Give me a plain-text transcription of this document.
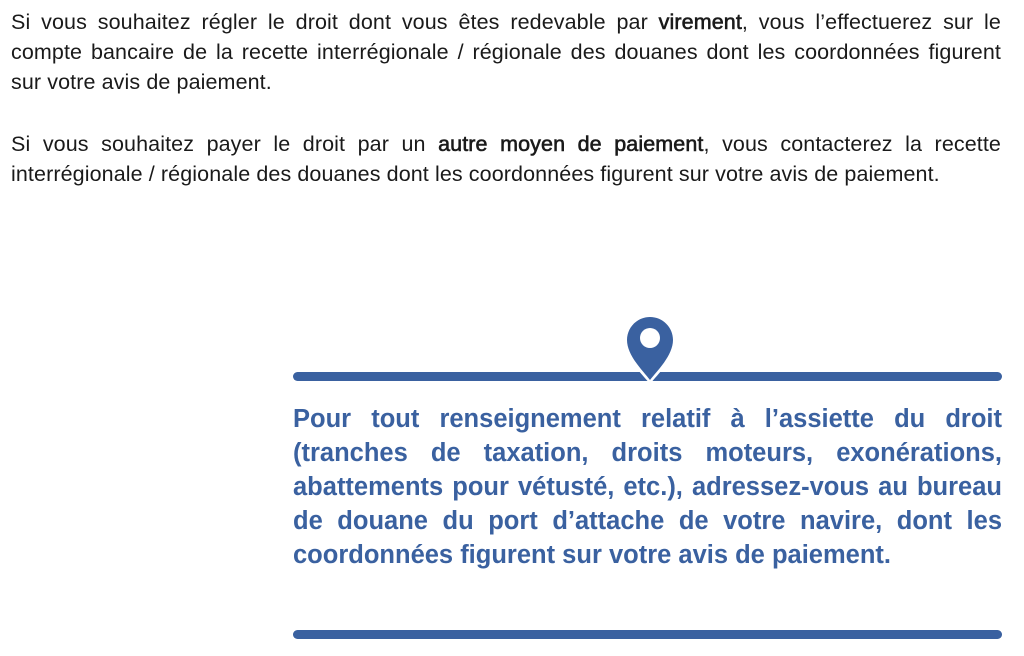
Si vous souhaitez régler le droit dont vous êtes redevable par virement, vous l’effectuerez sur le compte bancaire de la recette interrégionale / régionale des douanes dont les coordonnées figurent sur votre avis de paiement.

Si vous souhaitez payer le droit par un autre moyen de paiement, vous contacterez la recette interrégionale / régionale des douanes dont les coordonnées figurent sur votre avis de paiement.

Pour tout renseignement relatif à l’assiette du droit (tranches de taxation, droits moteurs, exonérations, abattements pour vétusté, etc.), adressez-vous au bureau de douane du port d’attache de votre navire, dont les coordonnées figurent sur votre avis de paiement.
